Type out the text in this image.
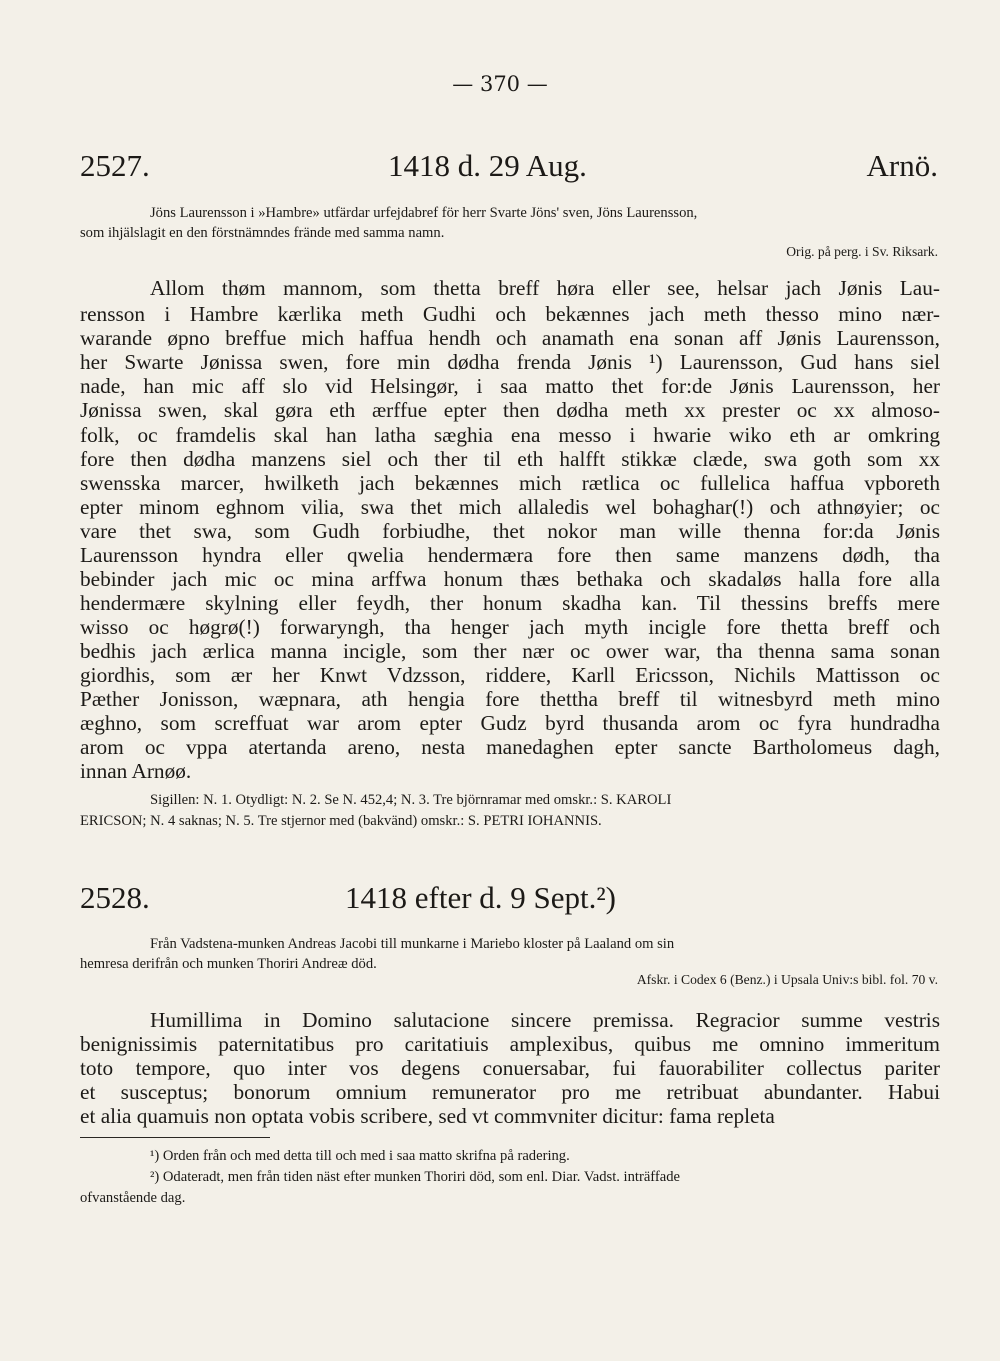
— 370 —
2527.	1418 d. 29 Aug.	Arnö.
Jöns Laurensson i »Hambre» utfärdar urfejdabref för herr Svarte Jöns' sven, Jöns Laurensson,
som ihjälslagit en den förstnämndes frände med samma namn.
Orig. på perg. i Sv. Riksark.
Allom thøm mannom, som thetta breff høra eller see, helsar jach Jønis Lau-
rensson i Hambre kærlika meth Gudhi och bekænnes jach meth thesso mino nær-
warande øpno breffue mich haffua hendh och anamath ena sonan aff Jønis Laurensson,
her Swarte Jønissa swen, fore min dødha frenda Jønis ¹) Laurensson, Gud hans siel
nade, han mic aff slo vid Helsingør, i saa matto thet for:de Jønis Laurensson, her
Jønissa swen, skal gøra eth ærffue epter then dødha meth xx prester oc xx almoso-
folk, oc framdelis skal han latha sæghia ena messo i hwarie wiko eth ar omkring
fore then dødha manzens siel och ther til eth halfft stikkæ clæde, swa goth som xx
swensska marcer, hwilketh jach bekænnes mich rætlica oc fullelica haffua vpboreth
epter minom eghnom vilia, swa thet mich allaledis wel bohaghar(!) och athnøyier; oc
vare thet swa, som Gudh forbiudhe, thet nokor man wille thenna for:da Jønis
Laurensson hyndra eller qwelia hendermæra fore then same manzens dødh, tha
bebinder jach mic oc mina arffwa honum thæs bethaka och skadaløs halla fore alla
hendermære skylning eller feydh, ther honum skadha kan. Til thessins breffs mere
wisso oc høgrø(!) forwaryngh, tha henger jach myth incigle fore thetta breff och
bedhis jach ærlica manna incigle, som ther nær oc ower war, tha thenna sama sonan
giordhis, som ær her Knwt Vdzsson, riddere, Karll Ericsson, Nichils Mattisson oc
Pæther Jonisson, wæpnara, ath hengia fore thettha breff til witnesbyrd meth mino
æghno, som screffuat war arom epter Gudz byrd thusanda arom oc fyra hundradha
arom oc vppa atertanda areno, nesta manedaghen epter sancte Bartholomeus dagh,
innan Arnøø.
Sigillen: N. 1. Otydligt: N. 2. Se N. 452,4; N. 3. Tre björnramar med omskr.: S. KAROLI
ERICSON; N. 4 saknas; N. 5. Tre stjernor med (bakvänd) omskr.: S. PETRI IOHANNIS.
2528.	1418 efter d. 9 Sept.²)
Från Vadstena-munken Andreas Jacobi till munkarne i Mariebo kloster på Laaland om sin
hemresa derifrån och munken Thoriri Andreæ död.
Afskr. i Codex 6 (Benz.) i Upsala Univ:s bibl. fol. 70 v.
Humillima in Domino salutacione sincere premissa. Regracior summe vestris
benignissimis paternitatibus pro caritatiuis amplexibus, quibus me omnino immeritum
toto tempore, quo inter vos degens conuersabar, fui fauorabiliter collectus pariter
et susceptus; bonorum omnium remunerator pro me retribuat abundanter. Habui
et alia quamuis non optata vobis scribere, sed vt commvniter dicitur: fama repleta
¹) Orden från och med detta till och med i saa matto skrifna på radering.
²) Odateradt, men från tiden näst efter munken Thoriri död, som enl. Diar. Vadst. inträffade
ofvanstående dag.
